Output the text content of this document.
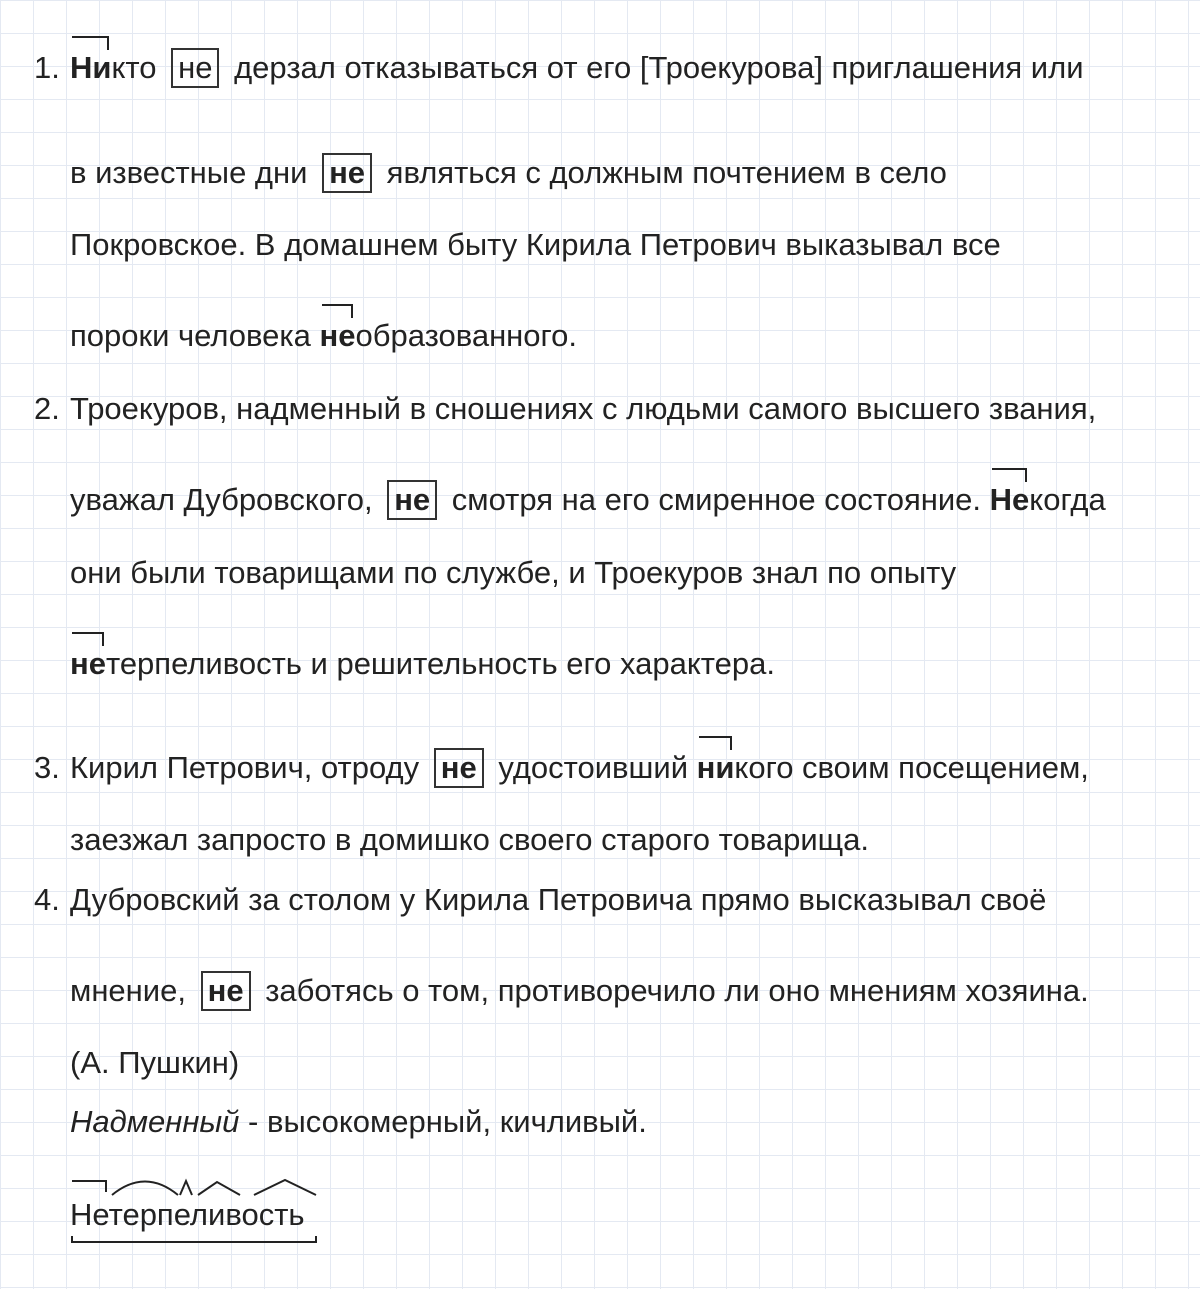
1. Никто не дерзал отказываться от его [Троекурова] приглашения или
в известные дни не являться с должным почтением в село
Покровское. В домашнем быту Кирила Петрович выказывал все
пороки человека необразованного.
2. Троекуров, надменный в сношениях с людьми самого высшего звания,
уважал Дубровского, не смотря на его смиренное состояние. Некогда
они были товарищами по службе, и Троекуров знал по опыту
нетерпеливость и решительность его характера.
3. Кирил Петрович, отроду не удостоивший никого своим посещением,
заезжал запросто в домишко своего старого товарища.
4. Дубровский за столом у Кирила Петровича прямо высказывал своё
мнение, не заботясь о том, противоречило ли оно мнениям хозяина.
(А. Пушкин)
Надменный - высокомерный, кичливый.
Нетерпеливость
